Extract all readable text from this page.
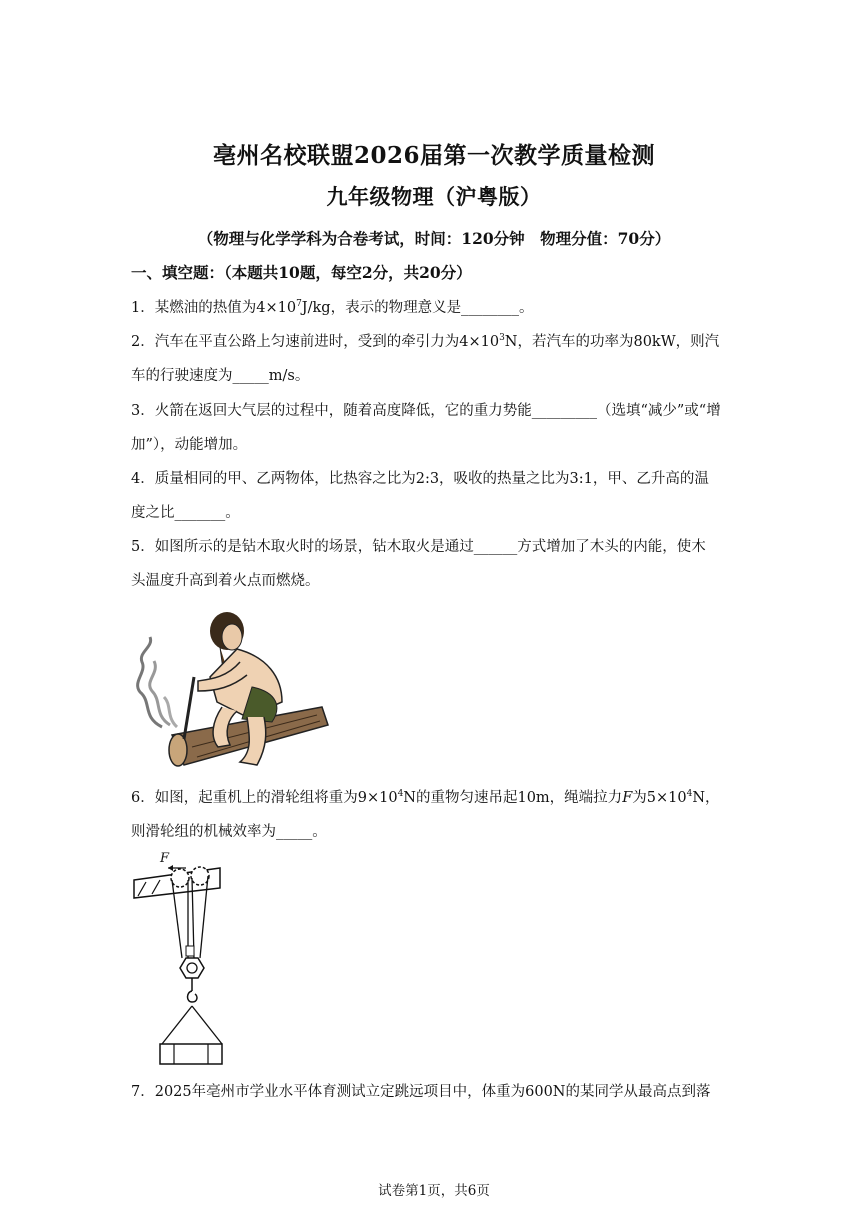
亳州名校联盟2026届第一次教学质量检测
九年级物理（沪粤版）
（物理与化学学科为合卷考试，时间：120分钟　物理分值：70分）
一、填空题：（本题共10题，每空2分，共20分）
1．某燃油的热值为$4\times 10^7J/kg$，表示的物理意义是________。
2．汽车在平直公路上匀速前进时，受到的牵引力为$4\times 10^3N$，若汽车的功率为80kW，则汽
车的行驶速度为_____m/s。
3．火箭在返回大气层的过程中，随着高度降低，它的重力势能_________（选填“减少”或“增
加”），动能增加。
4．质量相同的甲、乙两物体，比热容之比为2:3，吸收的热量之比为3:1，甲、乙升高的温
度之比_______。
5．如图所示的是钻木取火时的场景，钻木取火是通过______方式增加了木头的内能，使木
头温度升高到着火点而燃烧。
6．如图，起重机上的滑轮组将重为$9\times 10^4N$的重物匀速吊起10m，绳端拉力F为$5\times 10^4N$，
则滑轮组的机械效率为_____。
F
7．2025年亳州市学业水平体育测试立定跳远项目中，体重为600N的某同学从最高点到落
试卷第1页，共6页
